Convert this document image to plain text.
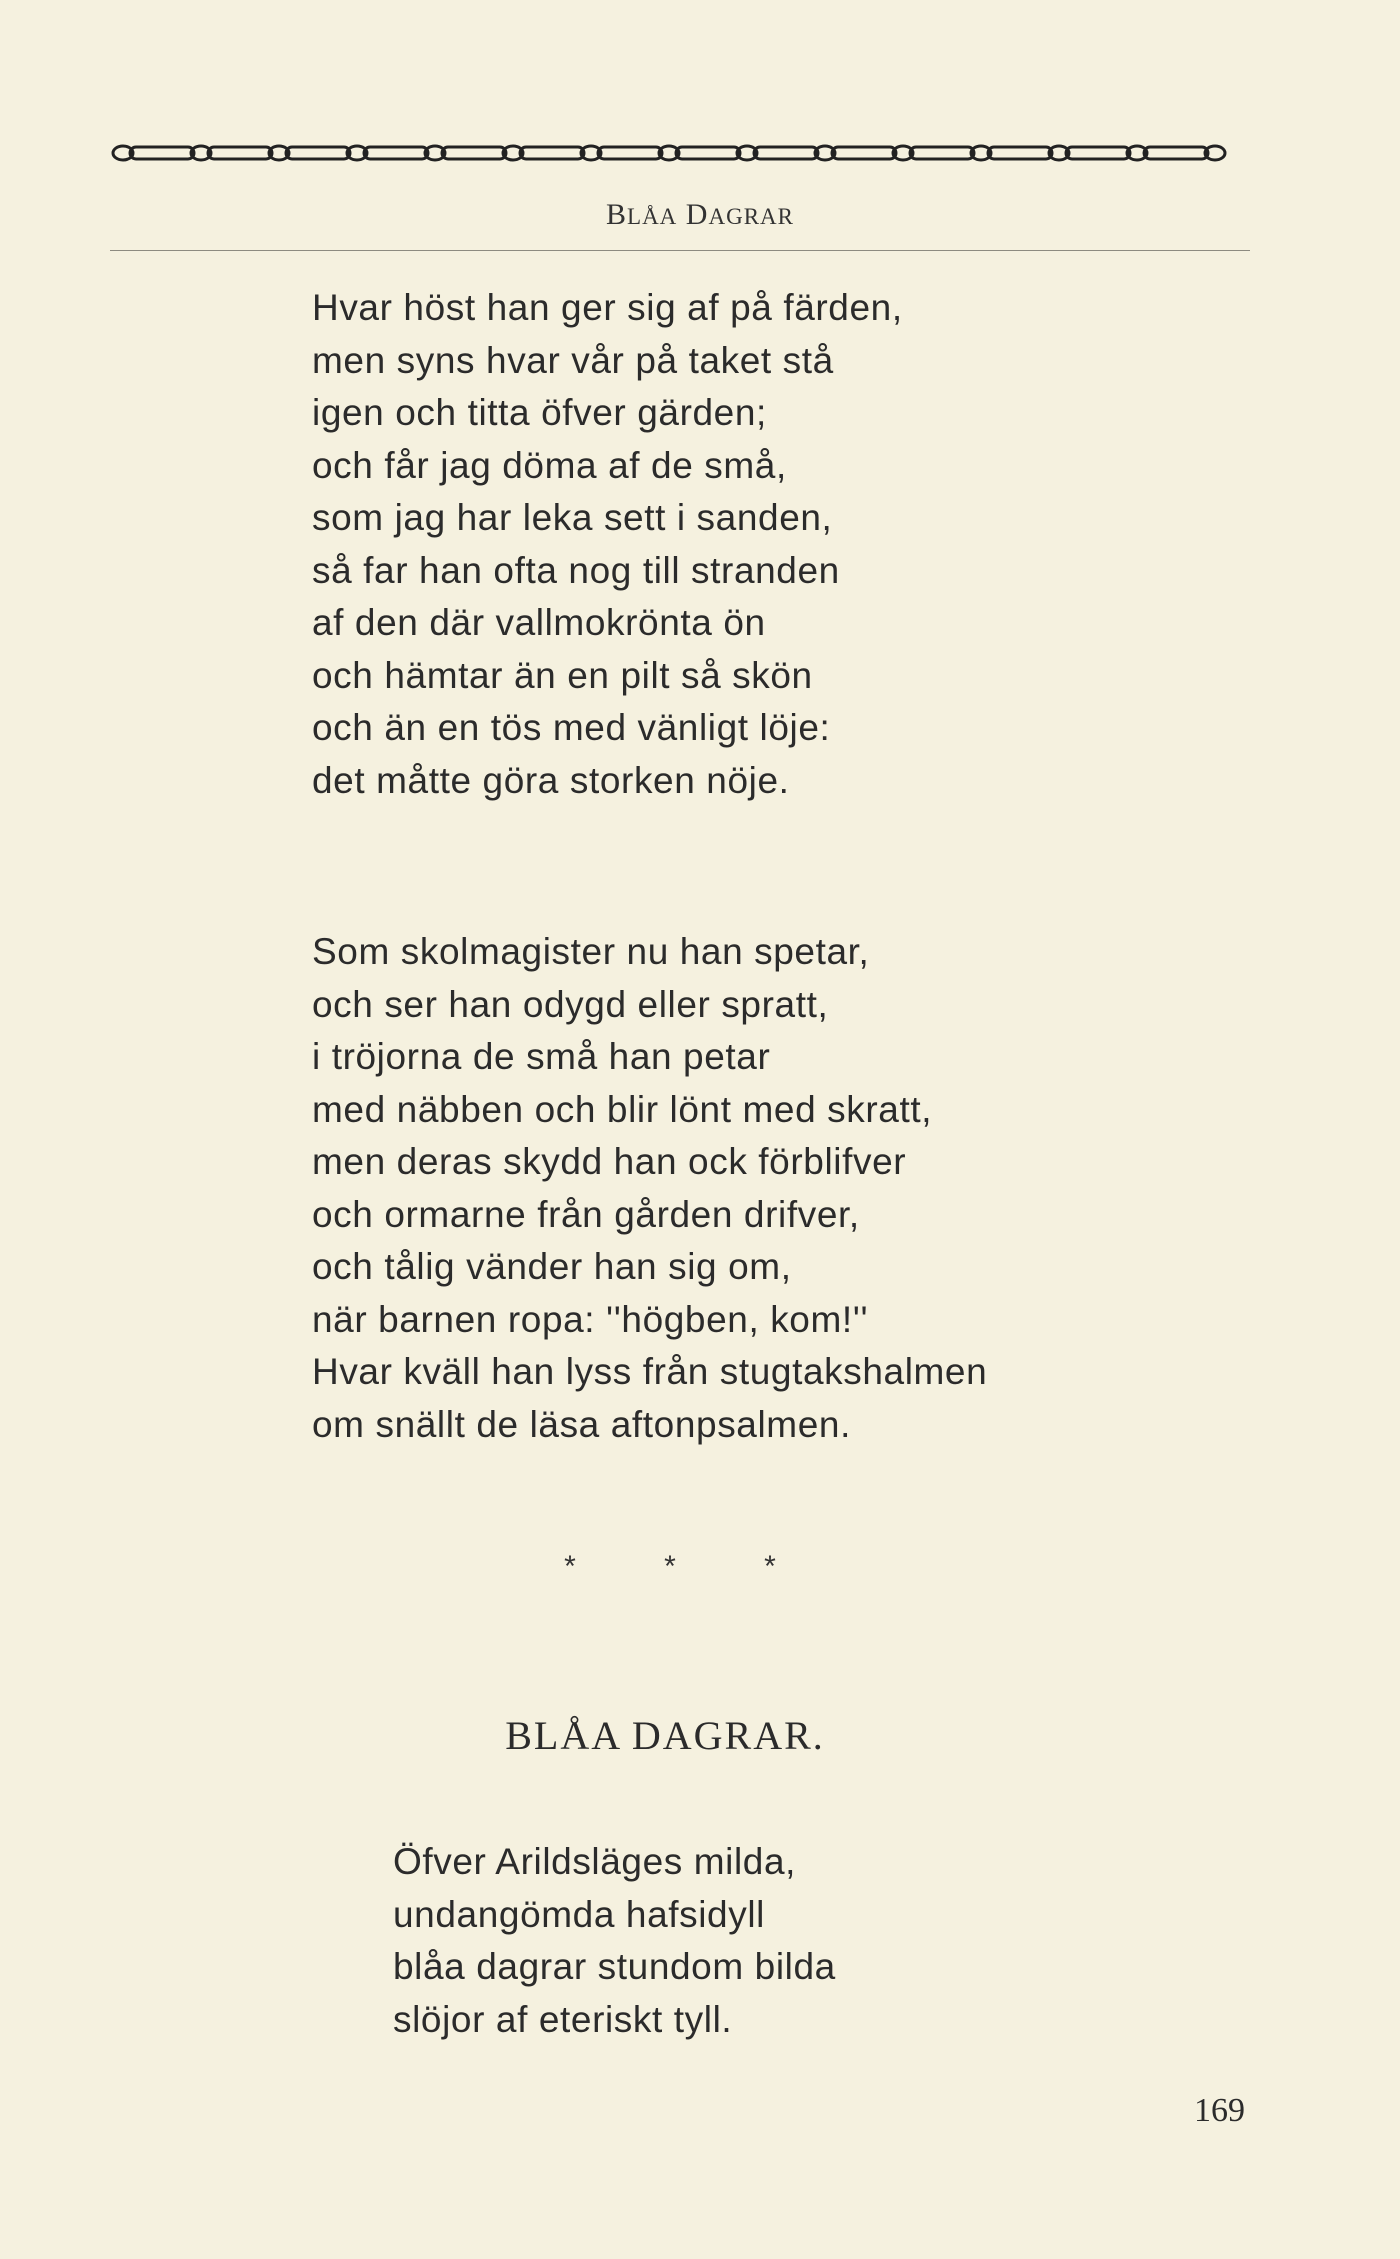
BLÅA DAGRAR
Hvar höst han ger sig af på färden,
men syns hvar vår på taket stå
igen och titta öfver gärden;
och får jag döma af de små,
som jag har leka sett i sanden,
så far han ofta nog till stranden
af den där vallmokrönta ön
och hämtar än en pilt så skön
och än en tös med vänligt löje:
det måtte göra storken nöje.
Som skolmagister nu han spetar,
och ser han odygd eller spratt,
i tröjorna de små han petar
med näbben och blir lönt med skratt,
men deras skydd han ock förblifver
och ormarne från gården drifver,
och tålig vänder han sig om,
när barnen ropa: ''högben, kom!''
Hvar kväll han lyss från stugtakshalmen
om snällt de läsa aftonpsalmen.
* * *
BLÅA DAGRAR.
Öfver Arildsläges milda,
undangömda hafsidyll
blåa dagrar stundom bilda
slöjor af eteriskt tyll.
169
